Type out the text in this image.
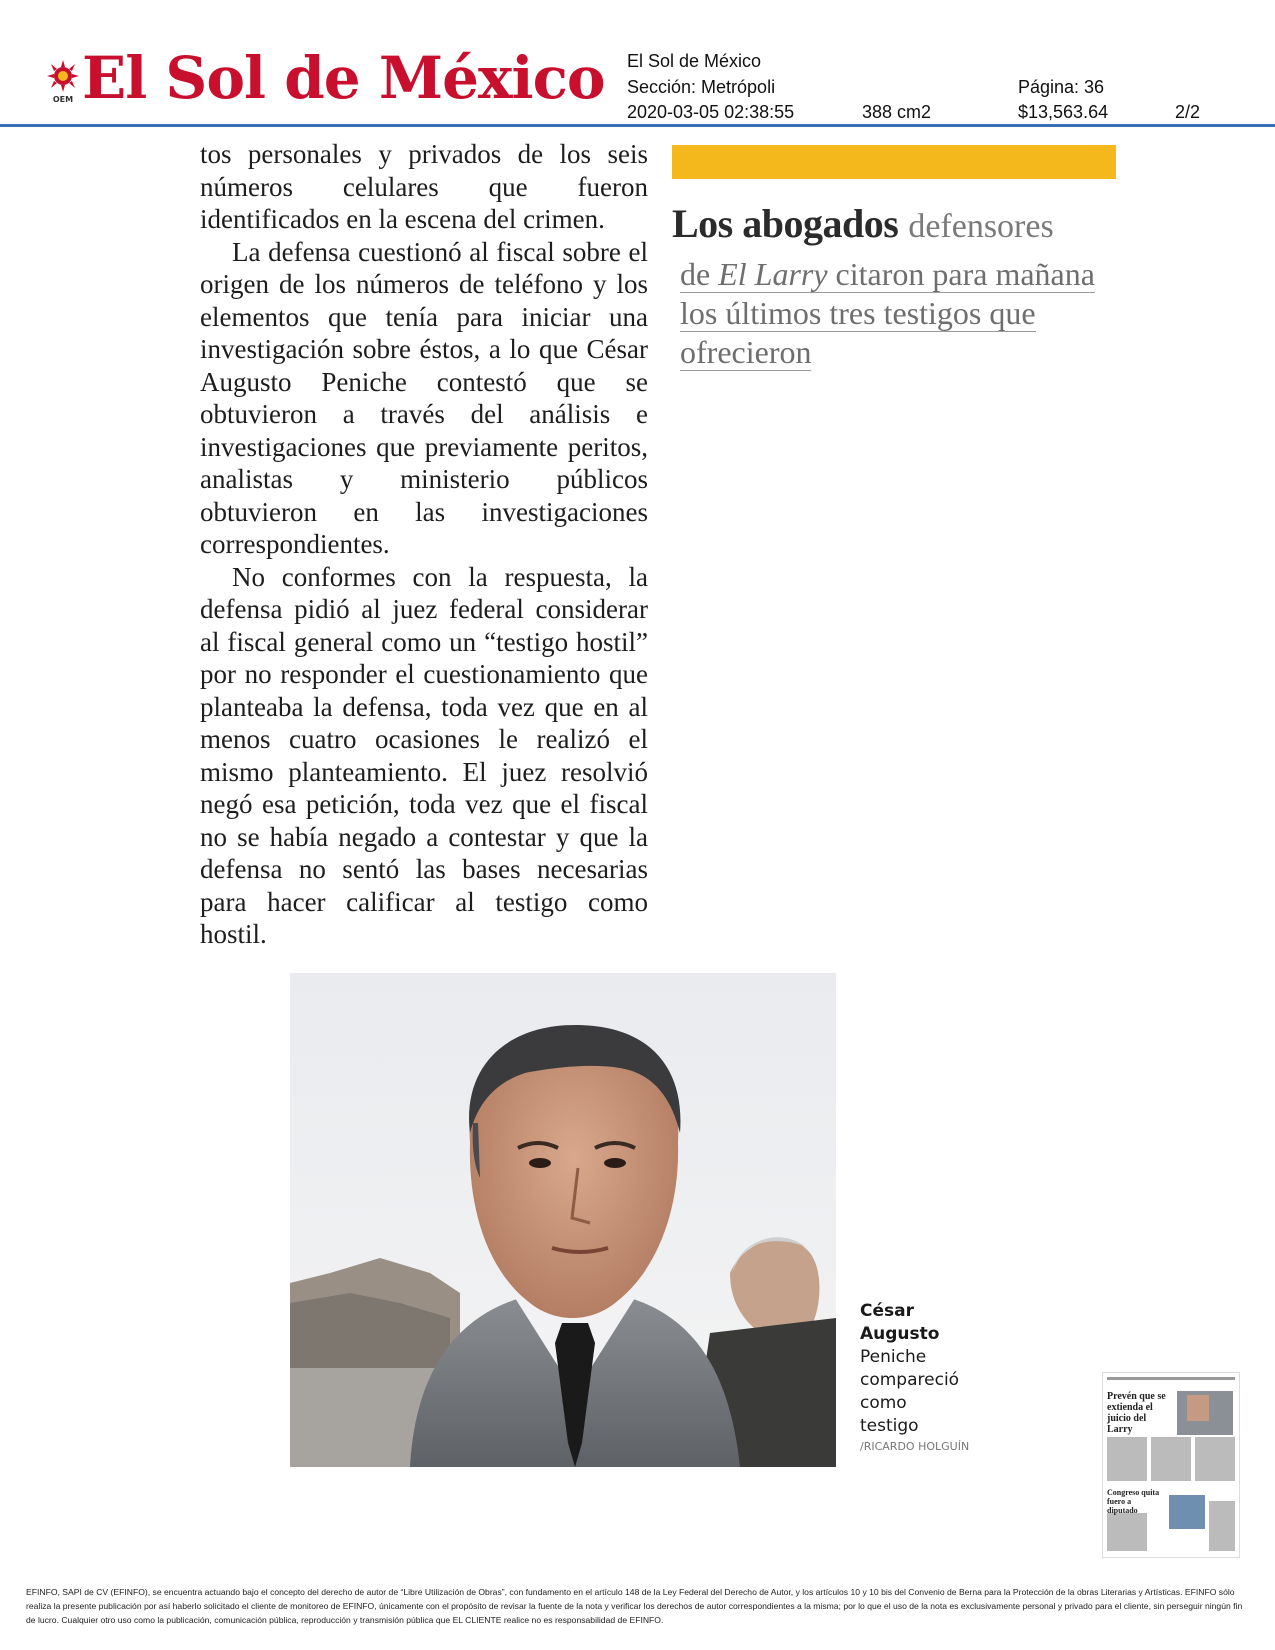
OEM El Sol de México El Sol de México
Sección: Metrópoli	Página: 36
2020-03-05 02:38:55	388 cm2	$13,563.64	2/2

tos personales y privados de los seis números celulares que fueron identificados en la escena del crimen.

La defensa cuestionó al fiscal sobre el origen de los números de teléfono y los elementos que tenía para iniciar una investigación sobre éstos, a lo que César Augusto Peniche contestó que se obtuvieron a través del análisis e investigaciones que previamente peritos, analistas y ministerio públicos obtuvieron en las investigaciones correspondientes.

No conformes con la respuesta, la defensa pidió al juez federal considerar al fiscal general como un “testigo hostil” por no responder el cuestionamiento que planteaba la defensa, toda vez que en al menos cuatro ocasiones le realizó el mismo planteamiento. El juez resolvió negó esa petición, toda vez que el fiscal no se había negado a contestar y que la defensa no sentó las bases necesarias para hacer calificar al testigo como hostil.

Los abogados defensores
de El Larry citaron para mañana los últimos tres testigos que ofrecieron
César Augusto
Peniche compareció como testigo
/RICARDO HOLGUÍN
Prevén que se extienda el juicio del Larry
Congreso quita fuero a diputado
EFINFO, SAPI de CV (EFINFO), se encuentra actuando bajo el concepto del derecho de autor de “Libre Utilización de Obras”, con fundamento en el artículo 148 de la Ley Federal del Derecho de Autor, y los artículos 10 y 10 bis del Convenio de Berna para la Protección de la obras Literarias y Artísticas. EFINFO sólo realiza la presente publicación por así haberlo solicitado el cliente de monitoreo de EFINFO, únicamente con el propósito de revisar la fuente de la nota y verificar los derechos de autor correspondientes a la misma; por lo que el uso de la nota es exclusivamente personal y privado para el cliente, sin perseguir ningún fin de lucro. Cualquier otro uso como la publicación, comunicación pública, reproducción y transmisión pública que EL CLIENTE realice no es responsabilidad de EFINFO.
